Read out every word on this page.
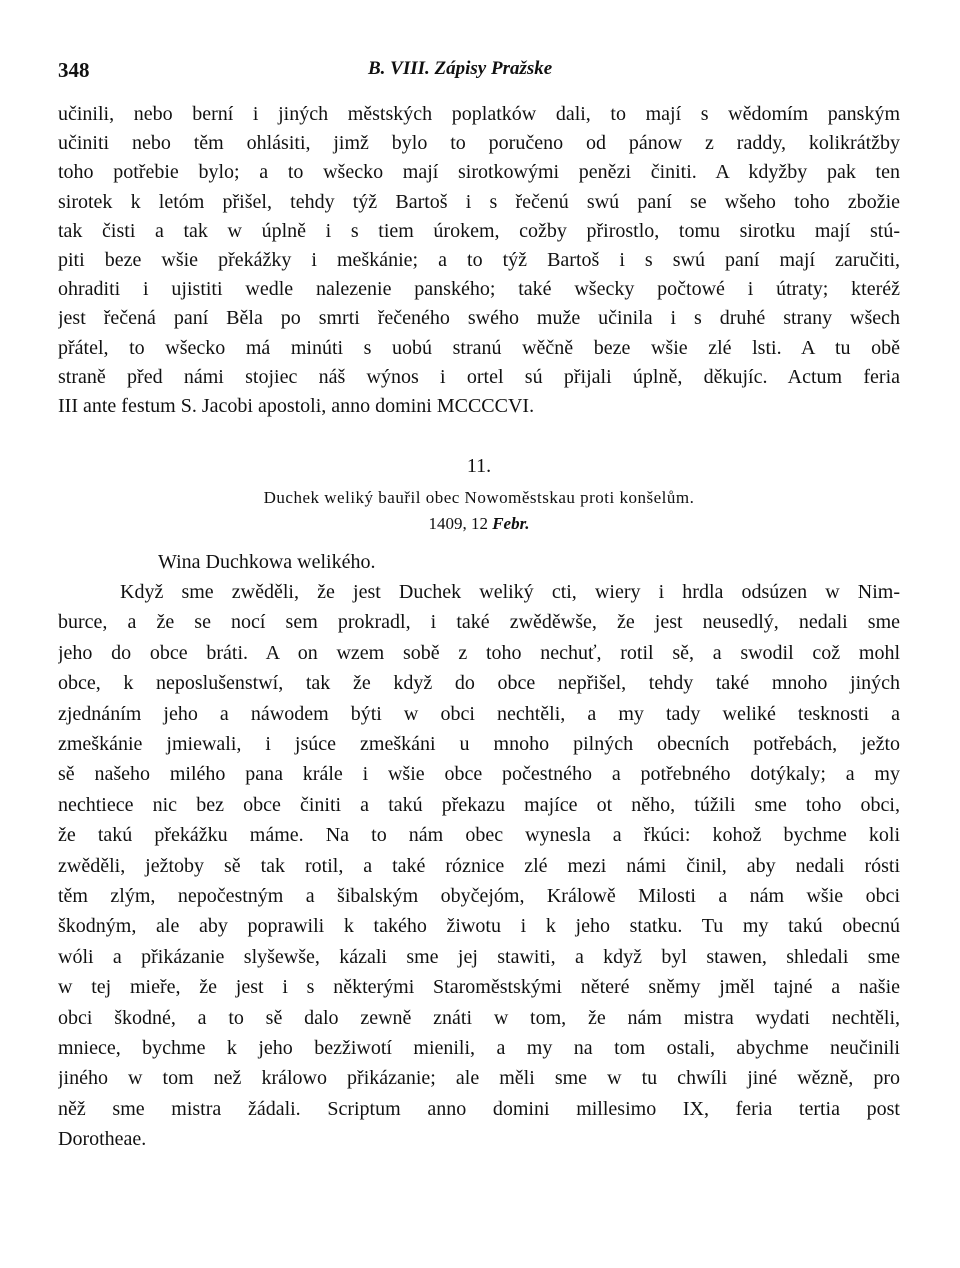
348	B. VIII. Zápisy Pražske
učinili, nebo berní i jiných městských poplatków dali, to mají s wědomím panským
učiniti nebo těm ohlásiti, jimž bylo to poručeno od pánow z raddy, kolikrátžby
toho potřebie bylo; a to wšecko mají sirotkowými penězi činiti. A kdyžby pak ten
sirotek k letóm přišel, tehdy týž Bartoš i s řečenú swú paní se wšeho toho zbožie
tak čisti a tak w úplně i s tiem úrokem, cožby přirostlo, tomu sirotku mají stú-
piti beze wšie překážky i meškánie; a to týž Bartoš i s swú paní mají zaručiti,
ohraditi i ujistiti wedle nalezenie panského; také wšecky počtowé i útraty; kteréž
jest řečená paní Běla po smrti řečeného swého muže učinila i s druhé strany wšech
přátel, to wšecko má minúti s uobú stranú wěčně beze wšie zlé lsti. A tu obě
straně před námi stojiec náš wýnos i ortel sú přijali úplně, děkujíc. Actum feria
III ante festum S. Jacobi apostoli, anno domini MCCCCVI.
11.
Duchek weliký bauřil obec Nowoměstskau proti konšelům.
1409, 12 Febr.
Wina Duchkowa welikého.
Když sme zwěděli, že jest Duchek weliký cti, wiery i hrdla odsúzen w Nim-
burce, a že se nocí sem prokradl, i také zwěděwše, že jest neusedlý, nedali sme
jeho do obce bráti. A on wzem sobě z toho nechuť, rotil sě, a swodil což mohl
obce, k neposlušenstwí, tak že když do obce nepřišel, tehdy také mnoho jiných
zjednáním jeho a náwodem býti w obci nechtěli, a my tady weliké tesknosti a
zmeškánie jmiewali, i jsúce zmeškáni u mnoho pilných obecních potřebách, ježto
sě našeho milého pana krále i wšie obce počestného a potřebného dotýkaly; a my
nechtiece nic bez obce činiti a takú překazu majíce ot něho, túžili sme toho obci,
že takú překážku máme. Na to nám obec wynesla a řkúci: kohož bychme koli
zwěděli, ježtoby sě tak rotil, a také róznice zlé mezi námi činil, aby nedali rósti
těm zlým, nepočestným a šibalským obyčejóm, Králowě Milosti a nám wšie obci
škodným, ale aby poprawili k takého žiwotu i k jeho statku. Tu my takú obecnú
wóli a přikázanie slyšewše, kázali sme jej stawiti, a když byl stawen, shledali sme
w tej mieře, že jest i s některými Staroměstskými něteré sněmy jměl tajné a našie
obci škodné, a to sě dalo zewně znáti w tom, že nám mistra wydati nechtěli,
mniece, bychme k jeho bezžiwotí mienili, a my na tom ostali, abychme neučinili
jiného w tom než králowo přikázanie; ale měli sme w tu chwíli jiné wězně, pro
něž sme mistra žádali. Scriptum anno domini millesimo IX, feria tertia post
Dorotheae.
